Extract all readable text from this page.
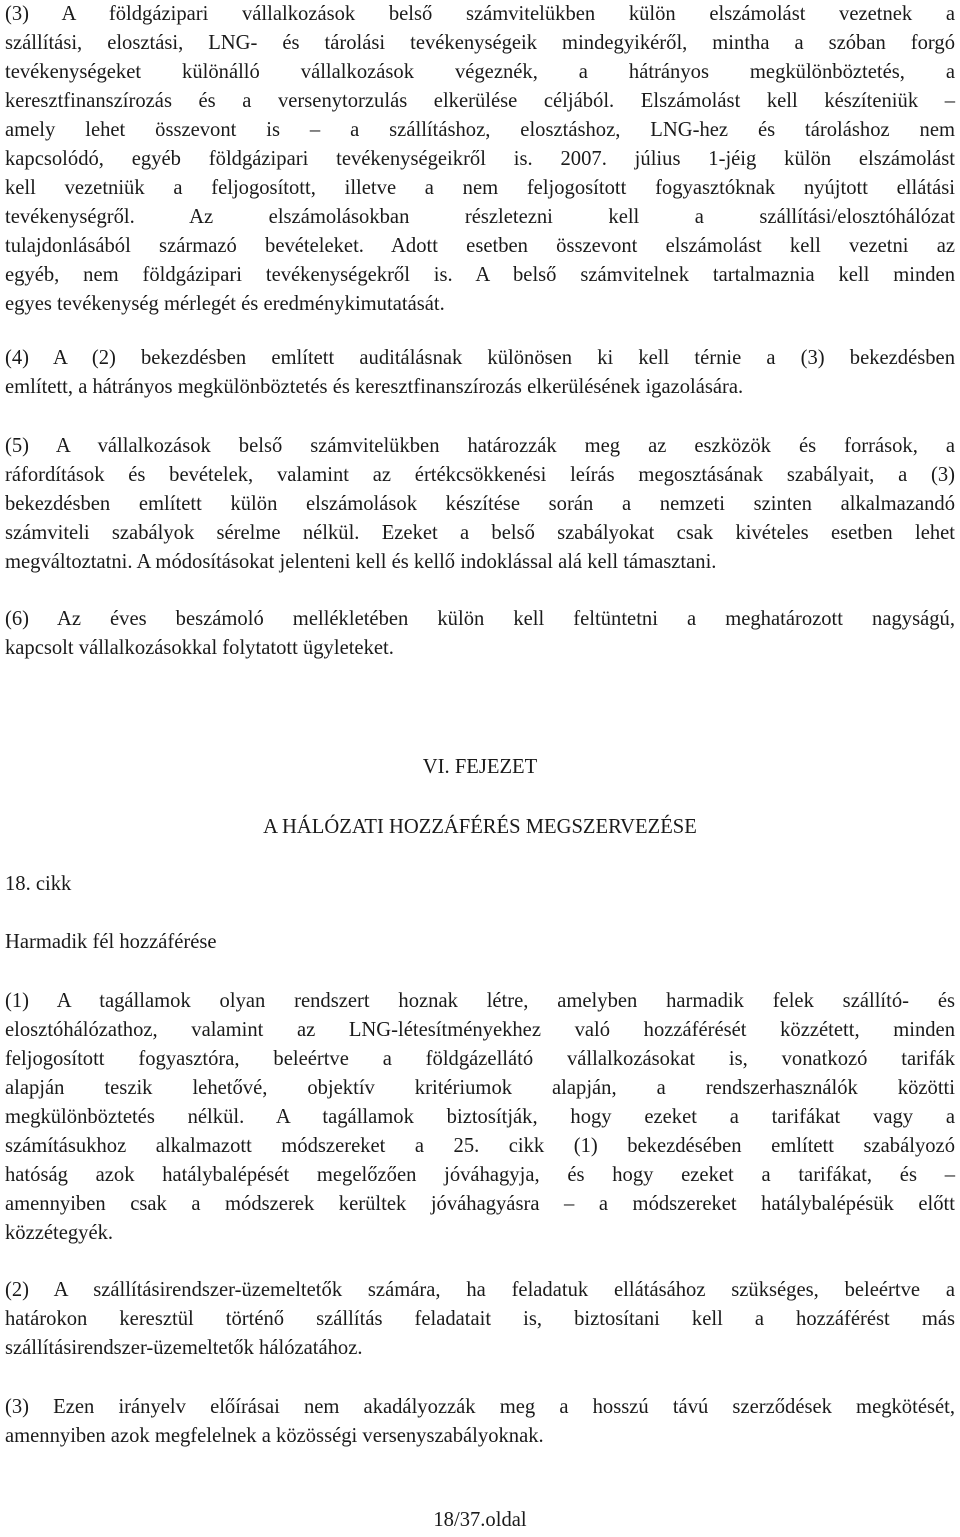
(3) A földgázipari vállalkozások belső számvitelükben külön elszámolást vezetnek a
szállítási, elosztási, LNG- és tárolási tevékenységeik mindegyikéről, mintha a szóban forgó
tevékenységeket különálló vállalkozások végeznék, a hátrányos megkülönböztetés, a
keresztfinanszírozás és a versenytorzulás elkerülése céljából. Elszámolást kell készíteniük –
amely lehet összevont is – a szállításhoz, elosztáshoz, LNG-hez és tároláshoz nem
kapcsolódó, egyéb földgázipari tevékenységeikről is. 2007. július 1-jéig külön elszámolást
kell vezetniük a feljogosított, illetve a nem feljogosított fogyasztóknak nyújtott ellátási
tevékenységről. Az elszámolásokban részletezni kell a szállítási/elosztóhálózat
tulajdonlásából származó bevételeket. Adott esetben összevont elszámolást kell vezetni az
egyéb, nem földgázipari tevékenységekről is. A belső számvitelnek tartalmaznia kell minden
egyes tevékenység mérlegét és eredménykimutatását.
(4) A (2) bekezdésben említett auditálásnak különösen ki kell térnie a (3) bekezdésben
említett, a hátrányos megkülönböztetés és keresztfinanszírozás elkerülésének igazolására.
(5) A vállalkozások belső számvitelükben határozzák meg az eszközök és források, a
ráfordítások és bevételek, valamint az értékcsökkenési leírás megosztásának szabályait, a (3)
bekezdésben említett külön elszámolások készítése során a nemzeti szinten alkalmazandó
számviteli szabályok sérelme nélkül. Ezeket a belső szabályokat csak kivételes esetben lehet
megváltoztatni. A módosításokat jelenteni kell és kellő indoklással alá kell támasztani.
(6) Az éves beszámoló mellékletében külön kell feltüntetni a meghatározott nagyságú,
kapcsolt vállalkozásokkal folytatott ügyleteket.
VI. FEJEZET
A HÁLÓZATI HOZZÁFÉRÉS MEGSZERVEZÉSE
18. cikk
Harmadik fél hozzáférése
(1) A tagállamok olyan rendszert hoznak létre, amelyben harmadik felek szállító- és
elosztóhálózathoz, valamint az LNG-létesítményekhez való hozzáférését közzétett, minden
feljogosított fogyasztóra, beleértve a földgázellátó vállalkozásokat is, vonatkozó tarifák
alapján teszik lehetővé, objektív kritériumok alapján, a rendszerhasználók közötti
megkülönböztetés nélkül. A tagállamok biztosítják, hogy ezeket a tarifákat vagy a
számításukhoz alkalmazott módszereket a 25. cikk (1) bekezdésében említett szabályozó
hatóság azok hatálybalépését megelőzően jóváhagyja, és hogy ezeket a tarifákat, és –
amennyiben csak a módszerek kerültek jóváhagyásra – a módszereket hatálybalépésük előtt
közzétegyék.
(2) A szállításirendszer-üzemeltetők számára, ha feladatuk ellátásához szükséges, beleértve a
határokon keresztül történő szállítás feladatait is, biztosítani kell a hozzáférést más
szállításirendszer-üzemeltetők hálózatához.
(3) Ezen irányelv előírásai nem akadályozzák meg a hosszú távú szerződések megkötését,
amennyiben azok megfelelnek a közösségi versenyszabályoknak.
18/37.oldal
